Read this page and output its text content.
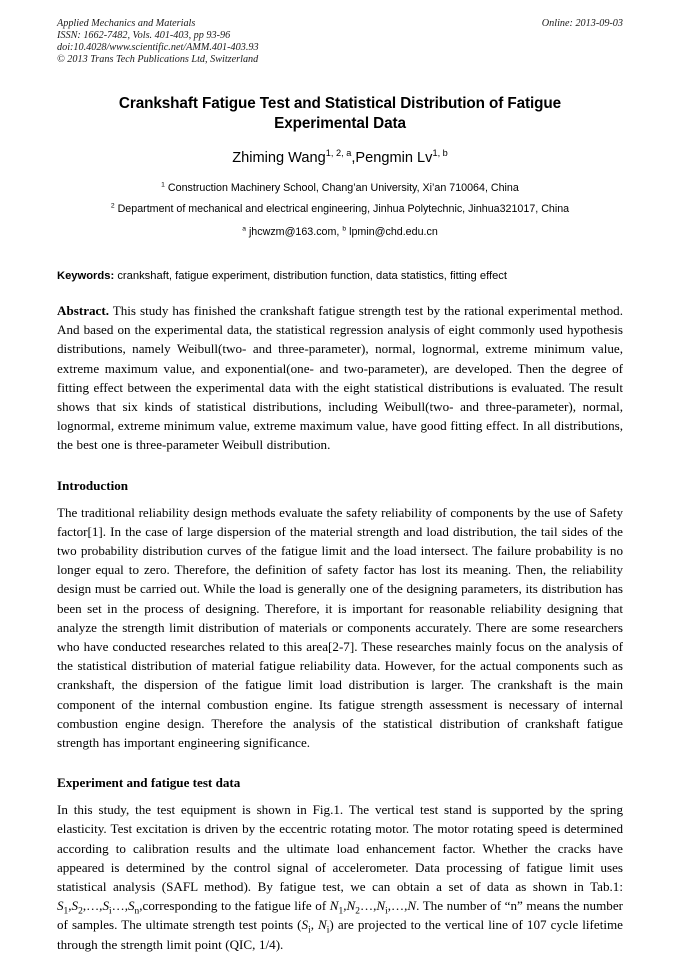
Applied Mechanics and Materials
ISSN: 1662-7482, Vols. 401-403, pp 93-96
doi:10.4028/www.scientific.net/AMM.401-403.93
© 2013 Trans Tech Publications Ltd, Switzerland
Online: 2013-09-03
Crankshaft Fatigue Test and Statistical Distribution of Fatigue Experimental Data
Zhiming Wang$^{1, 2, a}$,Pengmin Lv$^{1, b}$
$^1$ Construction Machinery School, Chang’an University, Xi’an 710064, China
$^2$ Department of mechanical and electrical engineering, Jinhua Polytechnic, Jinhua321017, China
$^a$ jhcwzm@163.com, $^b$ lpmin@chd.edu.cn
Keywords: crankshaft, fatigue experiment, distribution function, data statistics, fitting effect
Abstract. This study has finished the crankshaft fatigue strength test by the rational experimental method. And based on the experimental data, the statistical regression analysis of eight commonly used hypothesis distributions, namely Weibull(two- and three-parameter), normal, lognormal, extreme minimum value, extreme maximum value, and exponential(one- and two-parameter), are developed. Then the degree of fitting effect between the experimental data with the eight statistical distributions is evaluated. The result shows that six kinds of statistical distributions, including Weibull(two- and three-parameter), normal, lognormal, extreme minimum value, extreme maximum value, have good fitting effect. In all distributions, the best one is three-parameter Weibull distribution.
Introduction
The traditional reliability design methods evaluate the safety reliability of components by the use of Safety factor[1]. In the case of large dispersion of the material strength and load distribution, the tail sides of the two probability distribution curves of the fatigue limit and the load intersect. The failure probability is no longer equal to zero. Therefore, the definition of safety factor has lost its meaning. Then, the reliability design must be carried out. While the load is generally one of the designing parameters, its distribution has been set in the process of designing. Therefore, it is important for reasonable reliability designing that analyze the strength limit distribution of materials or components accurately. There are some researchers who have conducted researches related to this area[2-7]. These researches mainly focus on the analysis of the statistical distribution of material fatigue reliability data. However, for the actual components such as crankshaft, the dispersion of the fatigue limit load distribution is larger. The crankshaft is the main component of the internal combustion engine. Its fatigue strength assessment is necessary of internal combustion engine design. Therefore the analysis of the statistical distribution of crankshaft fatigue strength has important engineering significance.
Experiment and fatigue test data
In this study, the test equipment is shown in Fig.1. The vertical test stand is supported by the spring elasticity. Test excitation is driven by the eccentric rotating motor. The motor rotating speed is determined according to calibration results and the ultimate load enhancement factor. Whether the cracks have appeared is determined by the control signal of accelerometer. Data processing of fatigue limit uses statistical analysis (SAFL method). By fatigue test, we can obtain a set of data as shown in Tab.1: $S_1,S_2,\dots,S_i\dots,S_n,corresponding$ to the fatigue life of $N_1,N_2\dots,N_i,\dots,N$. The number of “n” means the number of samples. The ultimate strength test points ($S_i$, $N_i$) are projected to the vertical line of 107 cycle lifetime through the strength limit point (QIC, 1/4).
